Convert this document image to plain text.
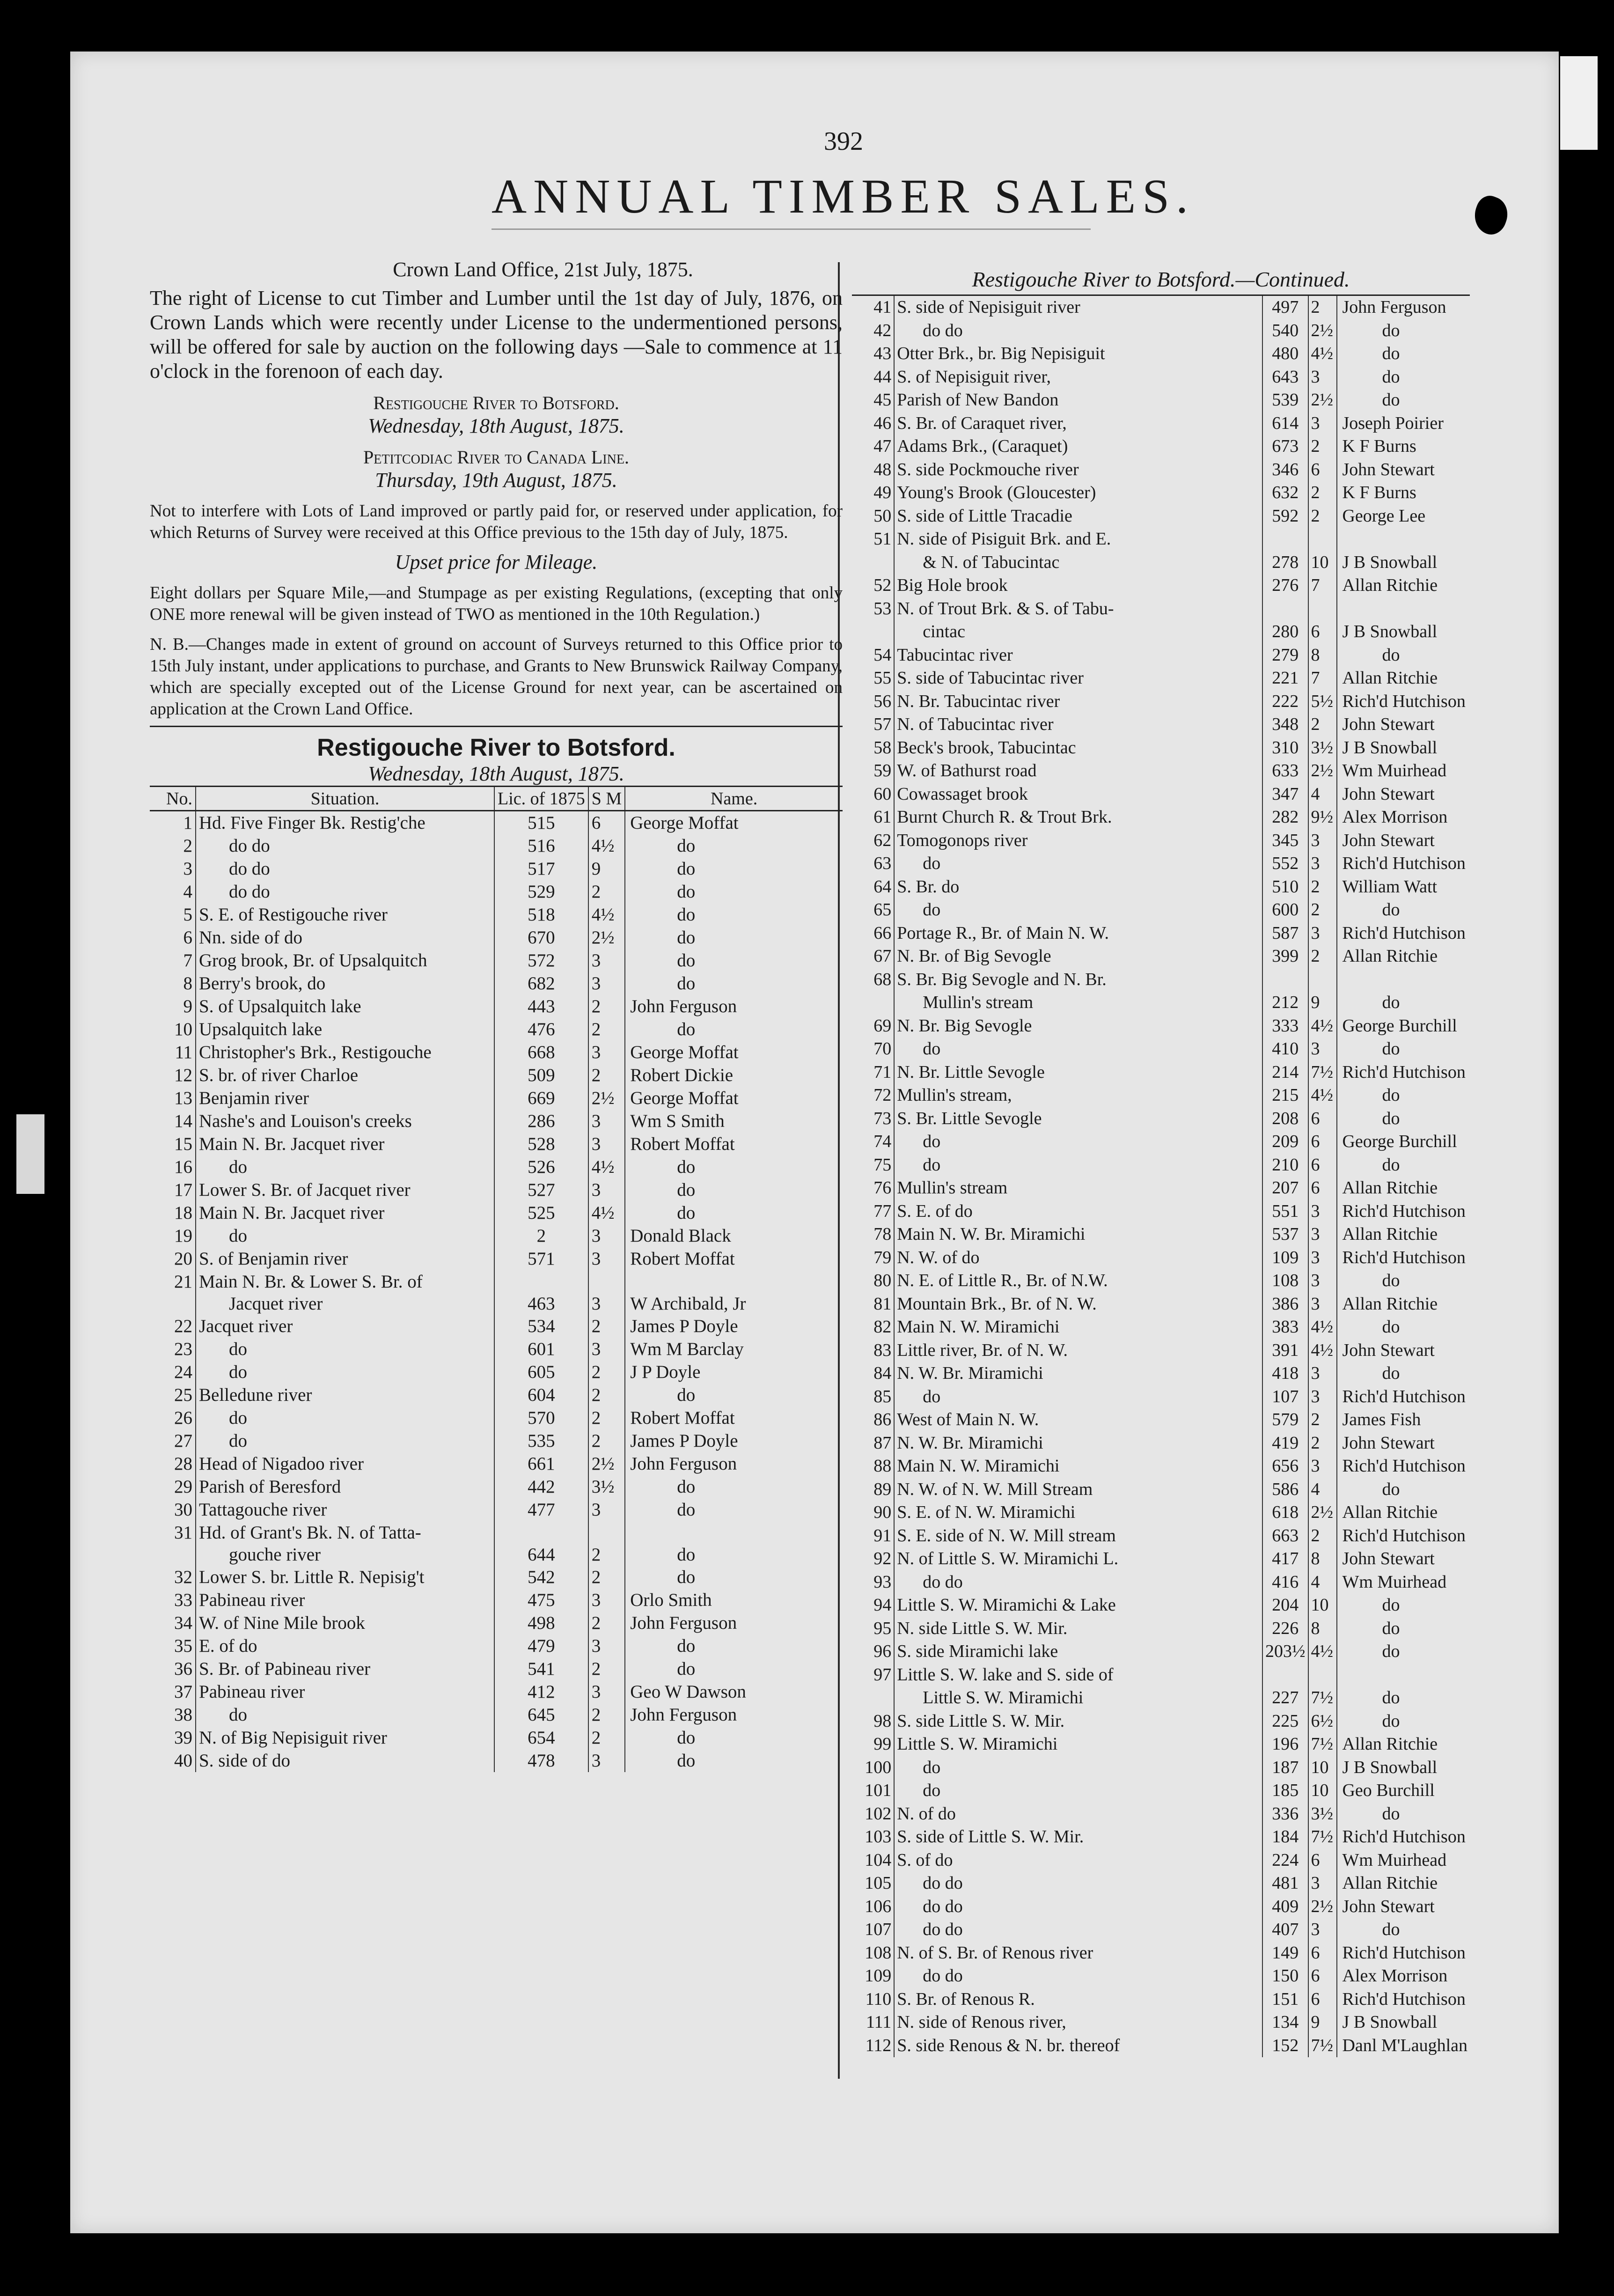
392
ANNUAL TIMBER SALES.
Crown Land Office, 21st July, 1875.
The right of License to cut Timber and Lumber until the 1st day of July, 1876, on Crown Lands which were recently under License to the undermentioned persons, will be offered for sale by auction on the following days —Sale to commence at 11 o'clock in the forenoon of each day.
Restigouche River to Botsford.
Wednesday, 18th August, 1875.
Petitcodiac River to Canada Line.
Thursday, 19th August, 1875.
Not to interfere with Lots of Land improved or partly paid for, or reserved under application, for which Returns of Survey were received at this Office previous to the 15th day of July, 1875.
Upset price for Mileage.
Eight dollars per Square Mile,—and Stumpage as per existing Regulations, (excepting that only ONE more renewal will be given instead of TWO as mentioned in the 10th Regulation.)
N. B.—Changes made in extent of ground on account of Surveys returned to this Office prior to 15th July instant, under applications to purchase, and Grants to New Brunswick Railway Company, which are specially excepted out of the License Ground for next year, can be ascertained on application at the Crown Land Office.
Restigouche River to Botsford.
Wednesday, 18th August, 1875.
No.	Situation.	Lic. of 1875	S M	Name.
1	Hd. Five Finger Bk. Restig'che	515	6	George Moffat
2	do do	516	4½	do
3	do do	517	9	do
4	do do	529	2	do
5	S. E. of Restigouche river	518	4½	do
6	Nn. side of do	670	2½	do
7	Grog brook, Br. of Upsalquitch	572	3	do
8	Berry's brook, do	682	3	do
9	S. of Upsalquitch lake	443	2	John Ferguson
10	Upsalquitch lake	476	2	do
11	Christopher's Brk., Restigouche	668	3	George Moffat
12	S. br. of river Charloe	509	2	Robert Dickie
13	Benjamin river	669	2½	George Moffat
14	Nashe's and Louison's creeks	286	3	Wm S Smith
15	Main N. Br. Jacquet river	528	3	Robert Moffat
16	do	526	4½	do
17	Lower S. Br. of Jacquet river	527	3	do
18	Main N. Br. Jacquet river	525	4½	do
19	do	2	3	Donald Black
20	S. of Benjamin river	571	3	Robert Moffat
21	Main N. Br. & Lower S. Br. of			
	Jacquet river	463	3	W Archibald, Jr
22	Jacquet river	534	2	James P Doyle
23	do	601	3	Wm M Barclay
24	do	605	2	J P Doyle
25	Belledune river	604	2	do
26	do	570	2	Robert Moffat
27	do	535	2	James P Doyle
28	Head of Nigadoo river	661	2½	John Ferguson
29	Parish of Beresford	442	3½	do
30	Tattagouche river	477	3	do
31	Hd. of Grant's Bk. N. of Tatta-			
	gouche river	644	2	do
32	Lower S. br. Little R. Nepisig't	542	2	do
33	Pabineau river	475	3	Orlo Smith
34	W. of Nine Mile brook	498	2	John Ferguson
35	E. of do	479	3	do
36	S. Br. of Pabineau river	541	2	do
37	Pabineau river	412	3	Geo W Dawson
38	do	645	2	John Ferguson
39	N. of Big Nepisiguit river	654	2	do
40	S. side of do	478	3	do
Restigouche River to Botsford.—Continued.
41	S. side of Nepisiguit river	497	2	John Ferguson
42	do do	540	2½	do
43	Otter Brk., br. Big Nepisiguit	480	4½	do
44	S. of Nepisiguit river,	643	3	do
45	Parish of New Bandon	539	2½	do
46	S. Br. of Caraquet river,	614	3	Joseph Poirier
47	Adams Brk., (Caraquet)	673	2	K F Burns
48	S. side Pockmouche river	346	6	John Stewart
49	Young's Brook (Gloucester)	632	2	K F Burns
50	S. side of Little Tracadie	592	2	George Lee
51	N. side of Pisiguit Brk. and E.			
	& N. of Tabucintac	278	10	J B Snowball
52	Big Hole brook	276	7	Allan Ritchie
53	N. of Trout Brk. & S. of Tabu-			
	cintac	280	6	J B Snowball
54	Tabucintac river	279	8	do
55	S. side of Tabucintac river	221	7	Allan Ritchie
56	N. Br. Tabucintac river	222	5½	Rich'd Hutchison
57	N. of Tabucintac river	348	2	John Stewart
58	Beck's brook, Tabucintac	310	3½	J B Snowball
59	W. of Bathurst road	633	2½	Wm Muirhead
60	Cowassaget brook	347	4	John Stewart
61	Burnt Church R. & Trout Brk.	282	9½	Alex Morrison
62	Tomogonops river	345	3	John Stewart
63	do	552	3	Rich'd Hutchison
64	S. Br. do	510	2	William Watt
65	do	600	2	do
66	Portage R., Br. of Main N. W.	587	3	Rich'd Hutchison
67	N. Br. of Big Sevogle	399	2	Allan Ritchie
68	S. Br. Big Sevogle and N. Br.			
	Mullin's stream	212	9	do
69	N. Br. Big Sevogle	333	4½	George Burchill
70	do	410	3	do
71	N. Br. Little Sevogle	214	7½	Rich'd Hutchison
72	Mullin's stream,	215	4½	do
73	S. Br. Little Sevogle	208	6	do
74	do	209	6	George Burchill
75	do	210	6	do
76	Mullin's stream	207	6	Allan Ritchie
77	S. E. of do	551	3	Rich'd Hutchison
78	Main N. W. Br. Miramichi	537	3	Allan Ritchie
79	N. W. of do	109	3	Rich'd Hutchison
80	N. E. of Little R., Br. of N.W.	108	3	do
81	Mountain Brk., Br. of N. W.	386	3	Allan Ritchie
82	Main N. W. Miramichi	383	4½	do
83	Little river, Br. of N. W.	391	4½	John Stewart
84	N. W. Br. Miramichi	418	3	do
85	do	107	3	Rich'd Hutchison
86	West of Main N. W.	579	2	James Fish
87	N. W. Br. Miramichi	419	2	John Stewart
88	Main N. W. Miramichi	656	3	Rich'd Hutchison
89	N. W. of N. W. Mill Stream	586	4	do
90	S. E. of N. W. Miramichi	618	2½	Allan Ritchie
91	S. E. side of N. W. Mill stream	663	2	Rich'd Hutchison
92	N. of Little S. W. Miramichi L.	417	8	John Stewart
93	do do	416	4	Wm Muirhead
94	Little S. W. Miramichi & Lake	204	10	do
95	N. side Little S. W. Mir.	226	8	do
96	S. side Miramichi lake	203½	4½	do
97	Little S. W. lake and S. side of			
	Little S. W. Miramichi	227	7½	do
98	S. side Little S. W. Mir.	225	6½	do
99	Little S. W. Miramichi	196	7½	Allan Ritchie
100	do	187	10	J B Snowball
101	do	185	10	Geo Burchill
102	N. of do	336	3½	do
103	S. side of Little S. W. Mir.	184	7½	Rich'd Hutchison
104	S. of do	224	6	Wm Muirhead
105	do do	481	3	Allan Ritchie
106	do do	409	2½	John Stewart
107	do do	407	3	do
108	N. of S. Br. of Renous river	149	6	Rich'd Hutchison
109	do do	150	6	Alex Morrison
110	S. Br. of Renous R.	151	6	Rich'd Hutchison
111	N. side of Renous river,	134	9	J B Snowball
112	S. side Renous & N. br. thereof	152	7½	Danl M'Laughlan
